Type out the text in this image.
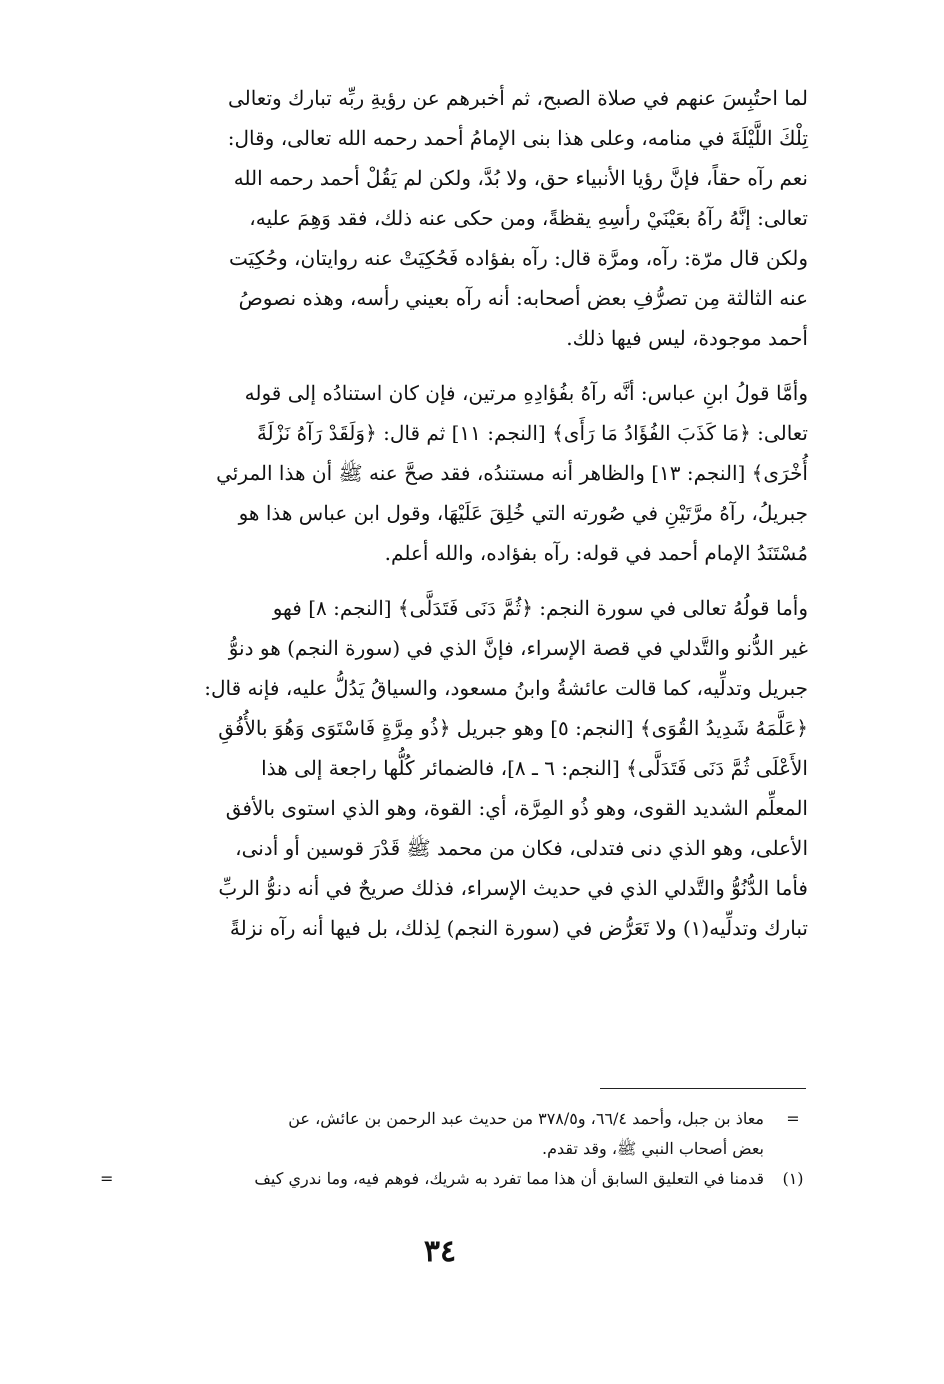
لما احتُبِسَ عنهم في صلاة الصبح، ثم أخبرهم عن رؤيةِ ربِّه تبارك وتعالى
تِلْكَ اللَّيْلَةَ في منامه، وعلى هذا بنى الإمامُ أحمد رحمه الله تعالى، وقال:
نعم رآه حقاً، فإنَّ رؤيا الأنبياء حق، ولا بُدَّ، ولكن لم يَقُلْ أحمد رحمه الله
تعالى: إنَّهُ رآهُ بعَيْنَيْ رأسِهِ يقظةً، ومن حكى عنه ذلك، فقد وَهِمَ عليه،
ولكن قال مرّة: رآه، ومرَّة قال: رآه بفؤاده فَحُكِيَتْ عنه روايتان، وحُكِيَت
عنه الثالثة مِن تصرُّفِ بعض أصحابه: أنه رآه بعيني رأسه، وهذه نصوصُ
أحمد موجودة، ليس فيها ذلك.
وأمَّا قولُ ابنِ عباس: أنَّه رآهُ بفُؤادِهِ مرتين، فإن كان استنادُه إلى قوله
تعالى: ﴿مَا كَذَبَ الفُؤَادُ مَا رَأَى﴾ [النجم: ١١] ثم قال: ﴿وَلَقَدْ رَآهُ نَزْلَةً
أُخْرَى﴾ [النجم: ١٣] والظاهر أنه مستندُه، فقد صحَّ عنه ﷺ أن هذا المرئي
جبريلُ، رآهُ مرَّتَيْنِ في صُورته التي خُلِقَ عَلَيْهَا، وقول ابن عباس هذا هو
مُسْتَنَدُ الإمام أحمد في قوله: رآه بفؤاده، والله أعلم.
وأما قولُهُ تعالى في سورة النجم: ﴿ثُمَّ دَنَى فَتَدَلَّى﴾ [النجم: ٨] فهو
غير الدُّنو والتَّدلي في قصة الإسراء، فإنَّ الذي في (سورة النجم) هو دنوُّ
جبريل وتدلِّيه، كما قالت عائشةُ وابنُ مسعود، والسياقُ يَدُلُّ عليه، فإنه قال:
﴿عَلَّمَهُ شَدِيدُ القُوَى﴾ [النجم: ٥] وهو جبريل ﴿ذُو مِرَّةٍ فَاسْتَوَى وَهُوَ بالأُفُقِ
الأَعْلَى ثُمَّ دَنَى فَتَدَلَّى﴾ [النجم: ٦ ـ ٨]، فالضمائر كُلُّها راجعة إلى هذا
المعلِّم الشديد القوى، وهو ذُو المِرَّة، أي: القوة، وهو الذي استوى بالأفق
الأعلى، وهو الذي دنى فتدلى، فكان من محمد ﷺ قَدْرَ قوسين أو أدنى،
فأما الدُّنُوُّ والتَّدلي الذي في حديث الإسراء، فذلك صريحٌ في أنه دنوُّ الربِّ
تبارك وتدلِّيه(١) ولا تَعَرُّض في (سورة النجم) لِذلك، بل فيها أنه رآه نزلةً
=
معاذ بن جبل، وأحمد ٦٦/٤، و٣٧٨/٥ من حديث عبد الرحمن بن عائش، عن
بعض أصحاب النبي ﷺ، وقد تقدم.
(١)
قدمنا في التعليق السابق أن هذا مما تفرد به شريك، فوهم فيه، وما ندري كيف
=
٣٤
